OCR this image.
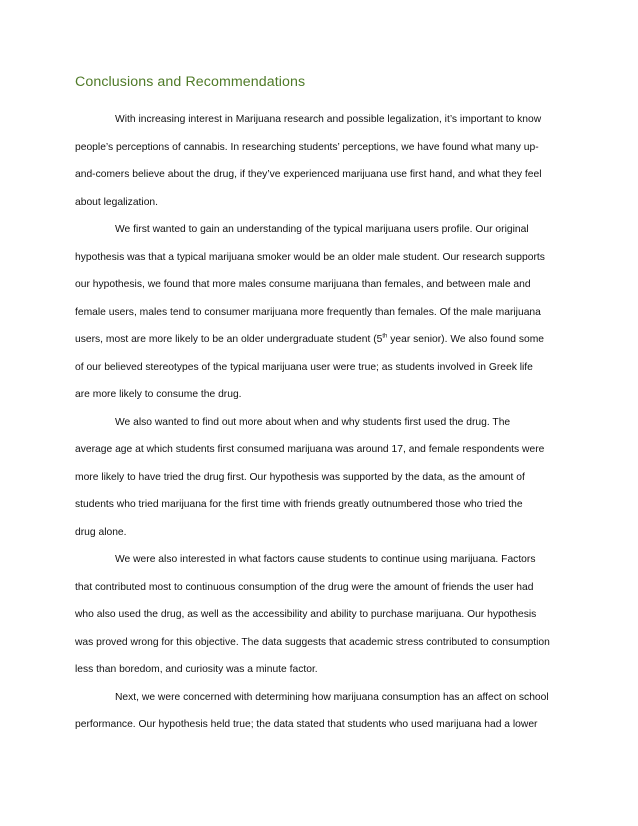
Conclusions and Recommendations
With increasing interest in Marijuana research and possible legalization, it’s important to know
people’s perceptions of cannabis. In researching students’ perceptions, we have found what many up-
and-comers believe about the drug, if they’ve experienced marijuana use first hand, and what they feel
about legalization.
We first wanted to gain an understanding of the typical marijuana users profile. Our original
hypothesis was that a typical marijuana smoker would be an older male student. Our research supports
our hypothesis, we found that more males consume marijuana than females, and between male and
female users, males tend to consumer marijuana more frequently than females. Of the male marijuana
users, most are more likely to be an older undergraduate student (5th year senior). We also found some
of our believed stereotypes of the typical marijuana user were true; as students involved in Greek life
are more likely to consume the drug.
We also wanted to find out more about when and why students first used the drug. The
average age at which students first consumed marijuana was around 17, and female respondents were
more likely to have tried the drug first. Our hypothesis was supported by the data, as the amount of
students who tried marijuana for the first time with friends greatly outnumbered those who tried the
drug alone.
We were also interested in what factors cause students to continue using marijuana. Factors
that contributed most to continuous consumption of the drug were the amount of friends the user had
who also used the drug, as well as the accessibility and ability to purchase marijuana. Our hypothesis
was proved wrong for this objective. The data suggests that academic stress contributed to consumption
less than boredom, and curiosity was a minute factor.
Next, we were concerned with determining how marijuana consumption has an affect on school
performance. Our hypothesis held true; the data stated that students who used marijuana had a lower
